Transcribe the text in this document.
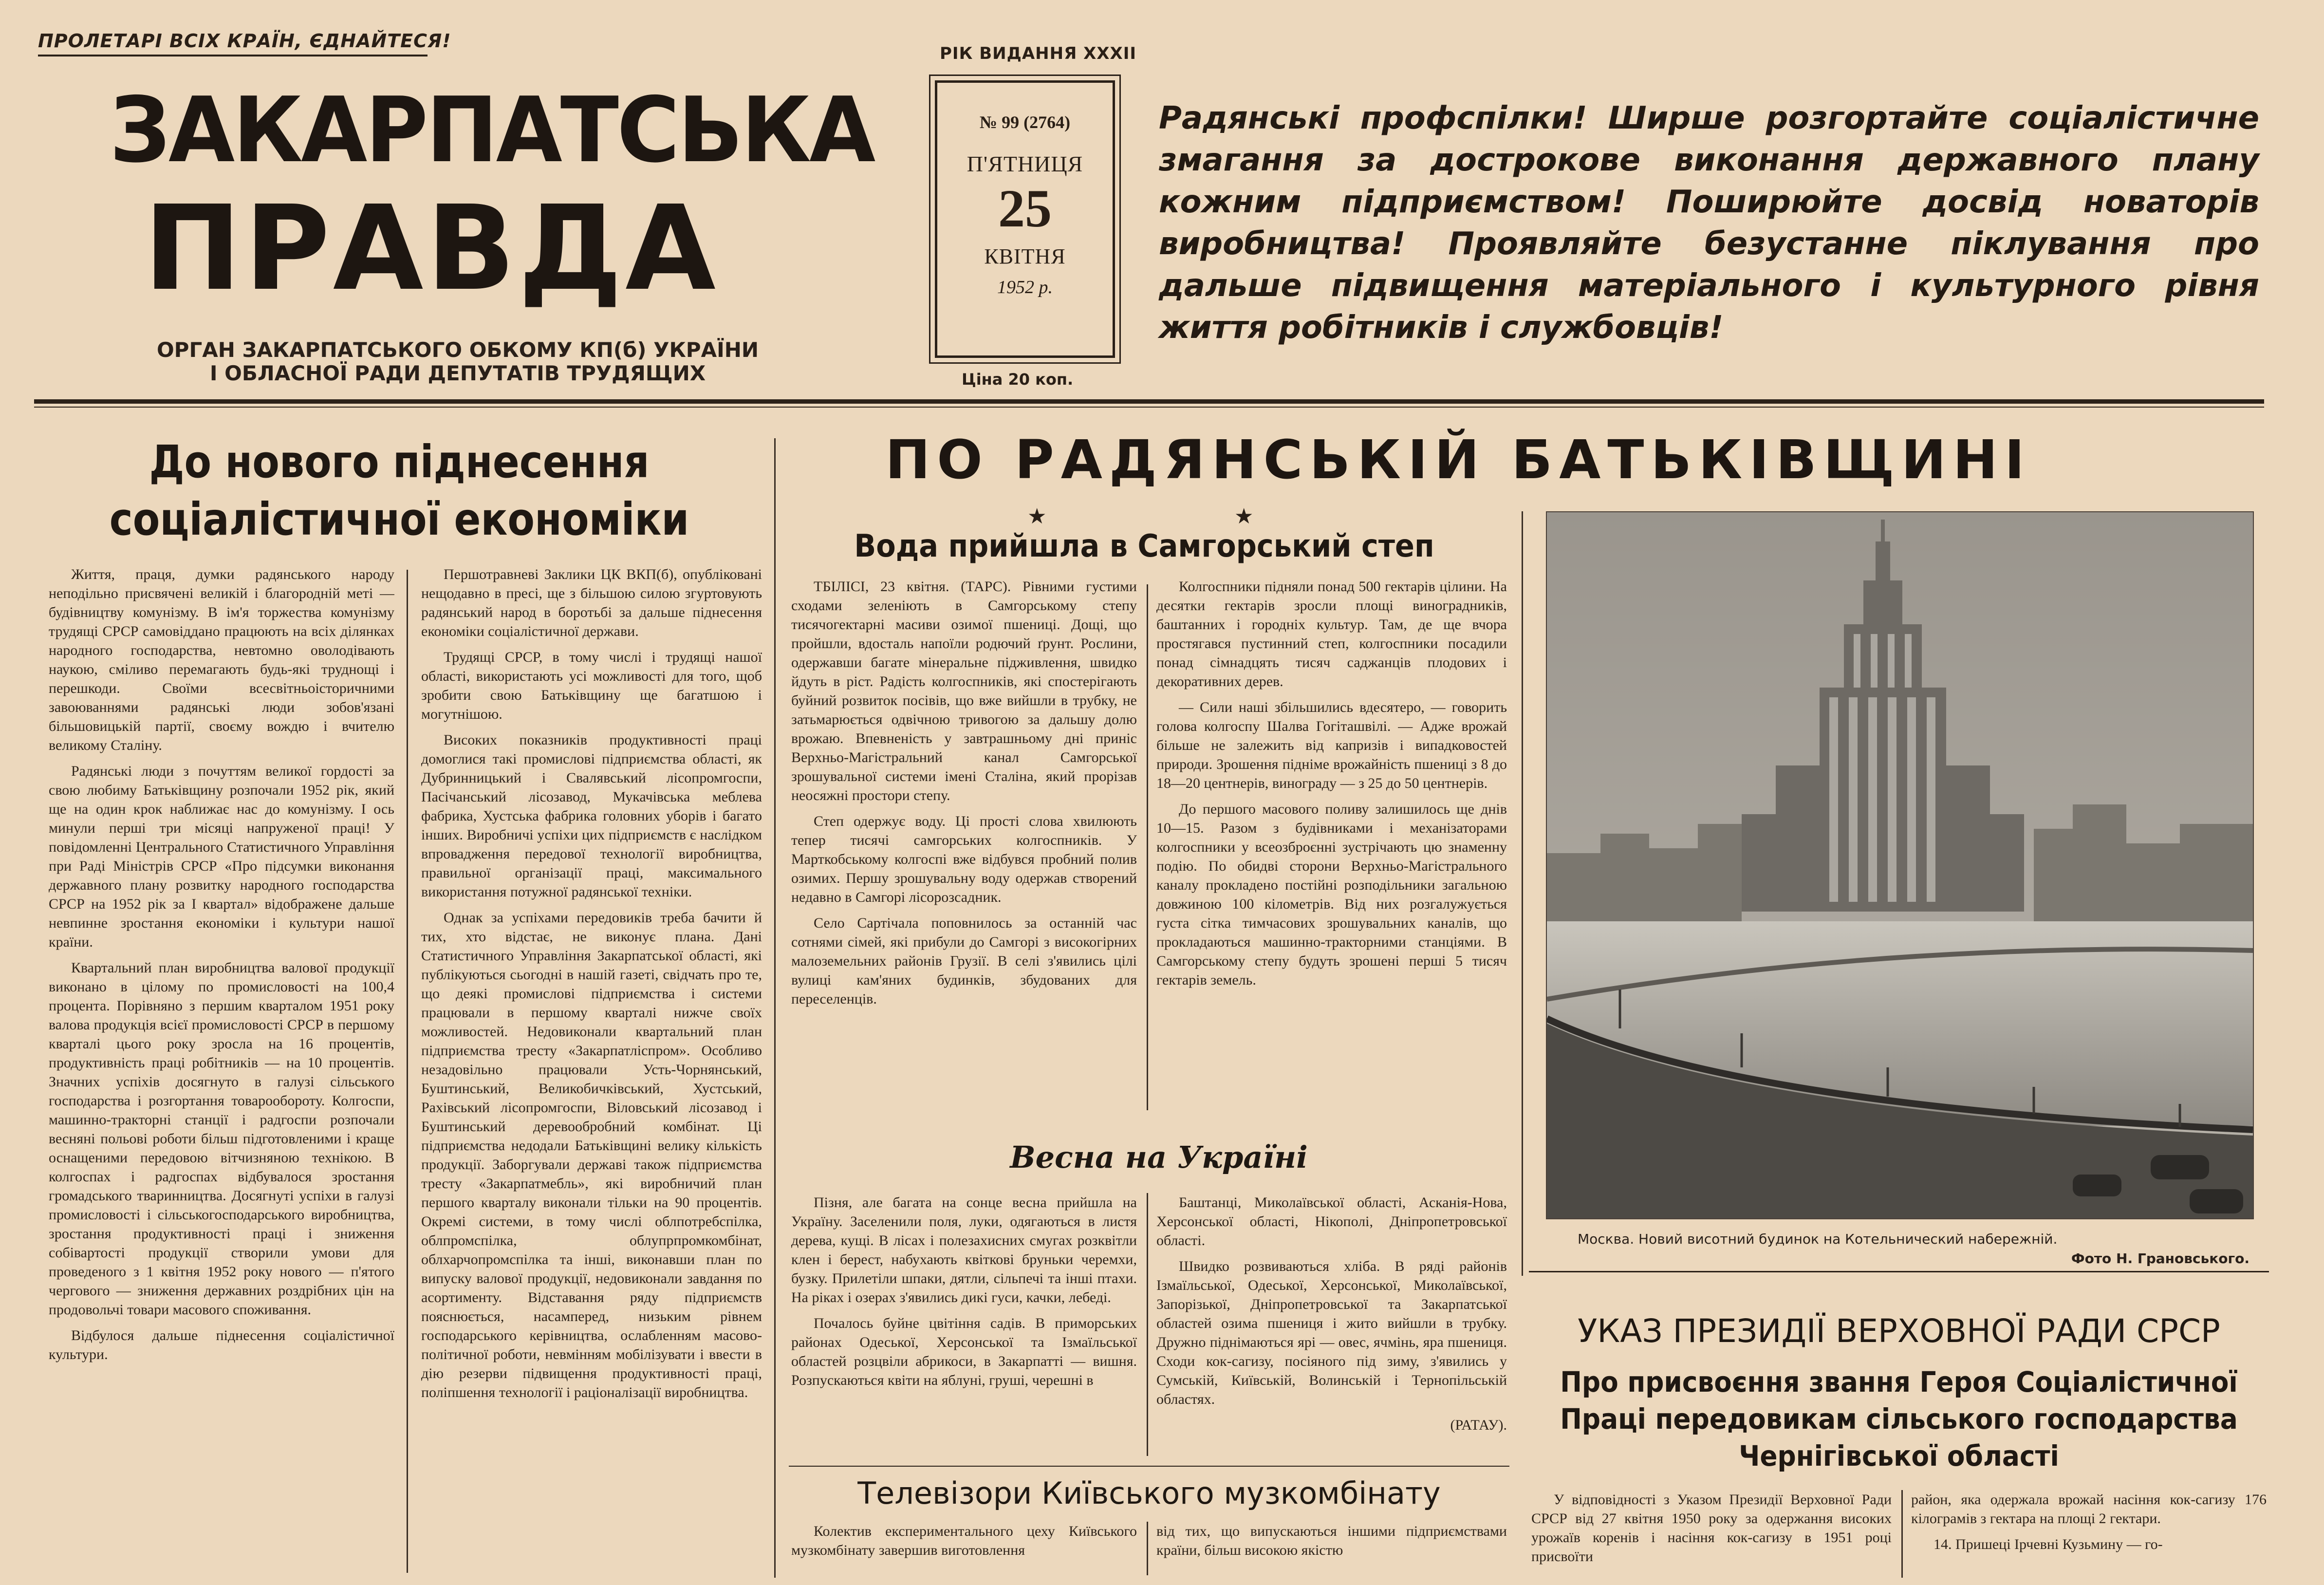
ПРОЛЕТАРІ ВСІХ КРАЇН, ЄДНАЙТЕСЯ!
ЗАКАРПАТСЬКА
ПРАВДА
ОРГАН ЗАКАРПАТСЬКОГО ОБКОМУ КП(б) УКРАЇНИ
І ОБЛАСНОЇ РАДИ ДЕПУТАТІВ ТРУДЯЩИХ
РІК ВИДАННЯ XXXII
№ 99 (2764)
П'ЯТНИЦЯ
25
КВІТНЯ
1952 р.
Ціна 20 коп.
Радянські профспілки! Ширше розгортайте соціалістичне змагання за дострокове виконання державного плану кожним підприємством! Поширюйте досвід новаторів виробництва! Проявляйте безустанне піклування про дальше підвищення матеріального і культурного рівня життя робітників і службовців!
До нового піднесення
соціалістичної економіки

Життя, праця, думки радянського народу неподільно присвячені великій і благородній меті — будівництву комунізму. В ім'я торжества комунізму трудящі СРСР самовіддано працюють на всіх ділянках народного господарства, невтомно оволодівають наукою, сміливо перемагають будь-які труднощі і перешкоди. Своїми всесвітньоісторичними завоюваннями радянські люди зобов'язані більшовицькій партії, своєму вождю і вчителю великому Сталіну.

Радянські люди з почуттям великої гордості за свою любиму Батьківщину розпочали 1952 рік, який ще на один крок наближає нас до комунізму. І ось минули перші три місяці напруженої праці! У повідомленні Центрального Статистичного Управління при Раді Міністрів СРСР «Про підсумки виконання державного плану розвитку народного господарства СРСР на 1952 рік за І квартал» відображене дальше невпинне зростання економіки і культури нашої країни.

Квартальний план виробництва валової продукції виконано в цілому по промисловості на 100,4 процента. Порівняно з першим кварталом 1951 року валова продукція всієї промисловості СРСР в першому кварталі цього року зросла на 16 процентів, продуктивність праці робітників — на 10 процентів. Значних успіхів досягнуто в галузі сільського господарства і розгортання товарообороту. Колгоспи, машинно-тракторні станції і радгоспи розпочали весняні польові роботи більш підготовленими і краще оснащеними передовою вітчизняною технікою. В колгоспах і радгоспах відбувалося зростання громадського тваринництва. Досягнуті успіхи в галузі промисловості і сільськогосподарського виробництва, зростання продуктивності праці і зниження собівартості продукції створили умови для проведеного з 1 квітня 1952 року нового — п'ятого чергового — зниження державних роздрібних цін на продовольчі товари масового споживання.

Відбулося дальше піднесення соціалістичної культури.

Першотравневі Заклики ЦК ВКП(б), опубліковані нещодавно в пресі, ще з більшою силою згуртовують радянський народ в боротьбі за дальше піднесення економіки соціалістичної держави.

Трудящі СРСР, в тому числі і трудящі нашої області, використають усі можливості для того, щоб зробити свою Батьківщину ще багатшою і могутнішою.

Високих показників продуктивності праці домоглися такі промислові підприємства області, як Дубринницький і Свалявський лісопромгоспи, Пасічанський лісозавод, Мукачівська меблева фабрика, Хустська фабрика головних уборів і багато інших. Виробничі успіхи цих підприємств є наслідком впровадження передової технології виробництва, правильної організації праці, максимального використання потужної радянської техніки.

Однак за успіхами передовиків треба бачити й тих, хто відстає, не виконує плана. Дані Статистичного Управління Закарпатської області, які публікуються сьогодні в нашій газеті, свідчать про те, що деякі промислові підприємства і системи працювали в першому кварталі нижче своїх можливостей. Недовиконали квартальний план підприємства тресту «Закарпатліспром». Особливо незадовільно працювали Усть-Чорнянський, Буштинський, Великобичківський, Хустський, Рахівський лісопромгоспи, Віловський лісозавод і Буштинський деревообробний комбінат. Ці підприємства недодали Батьківщині велику кількість продукції. Заборгували державі також підприємства тресту «Закарпатмебль», які виробничий план першого кварталу виконали тільки на 90 процентів. Окремі системи, в тому числі облпотребспілка, облпромспілка, облупрпромкомбінат, облхарчопромспілка та інші, виконавши план по випуску валової продукції, недовиконали завдання по асортименту. Відставання ряду підприємств пояснюється, насамперед, низьким рівнем господарського керівництва, ослабленням масово-політичної роботи, невмінням мобілізувати і ввести в дію резерви підвищення продуктивності праці, поліпшення технології і раціоналізації виробництва.

ПО РАДЯНСЬКІЙ БАТЬКІВЩИНІ
★	★
Вода прийшла в Самгорський степ

ТБІЛІСІ, 23 квітня. (ТАРС). Рівними густими сходами зеленіють в Самгорському степу тисячогектарні масиви озимої пшениці. Дощі, що пройшли, вдосталь напоїли родючий ґрунт. Рослини, одержавши багате мінеральне підживлення, швидко йдуть в ріст. Радість колгоспників, які спостерігають буйний розвиток посівів, що вже вийшли в трубку, не затьмарюється одвічною тривогою за дальшу долю врожаю. Впевненість у завтрашньому дні приніс Верхньо-Магістральний канал Самгорської зрошувальної системи імені Сталіна, який прорізав неосяжні простори степу.

Степ одержує воду. Ці прості слова хвилюють тепер тисячі самгорських колгоспників. У Марткобському колгоспі вже відбувся пробний полив озимих. Першу зрошувальну воду одержав створений недавно в Самгорі лісорозсадник.

Село Сартічала поповнилось за останній час сотнями сімей, які прибули до Самгорі з високогірних малоземельних районів Грузії. В селі з'явились цілі вулиці кам'яних будинків, збудованих для переселенців.

Колгоспники підняли понад 500 гектарів цілини. На десятки гектарів зросли площі виноградників, баштанних і городніх культур. Там, де ще вчора простягався пустинний степ, колгоспники посадили понад сімнадцять тисяч саджанців плодових і декоративних дерев.

— Сили наші збільшились вдесятеро, — говорить голова колгоспу Шалва Гогіташвілі. — Адже врожай більше не залежить від капризів і випадковостей природи. Зрошення підніме врожайність пшениці з 8 до 18—20 центнерів, винограду — з 25 до 50 центнерів.

До першого масового поливу залишилось ще днів 10—15. Разом з будівниками і механізаторами колгоспники у всеозброєнні зустрічають цю знаменну подію. По обидві сторони Верхньо-Магістрального каналу прокладено постійні розподільники загальною довжиною 100 кілометрів. Від них розгалужується густа сітка тимчасових зрошувальних каналів, що прокладаються машинно-тракторними станціями. В Самгорському степу будуть зрошені перші 5 тисяч гектарів земель.

Весна на Україні

Пізня, але багата на сонце весна прийшла на Україну. Заселенили поля, луки, одягаються в листя дерева, кущі. В лісах і полезахисних смугах розквітли клен і берест, набухають квіткові бруньки черемхи, бузку. Прилетіли шпаки, дятли, сільпечі та інші птахи. На ріках і озерах з'явились дикі гуси, качки, лебеді.

Почалось буйне цвітіння садів. В приморських районах Одеської, Херсонської та Ізмаїльської областей розцвіли абрикоси, в Закарпатті — вишня. Розпускаються квіти на яблуні, груші, черешні в

Баштанці, Миколаївської області, Асканія-Нова, Херсонської області, Нікополі, Дніпропетровської області.

Швидко розвиваються хліба. В ряді районів Ізмаїльської, Одеської, Херсонської, Миколаївської, Запорізької, Дніпропетровської та Закарпатської областей озима пшениця і жито вийшли в трубку. Дружно піднімаються ярі — овес, ячмінь, яра пшениця. Сходи кок-сагизу, посіяного під зиму, з'явились у Сумській, Київській, Волинській і Тернопільській областях.

(РАТАУ).

Телевізори Київського музкомбінату

Колектив експериментального цеху Київського музкомбінату завершив виготовлення

від тих, що випускаються іншими підприємствами країни, більш високою якістю

Москва. Новий висотний будинок на Котельнический набережній.
Фото Н. Грановського.
УКАЗ ПРЕЗИДІЇ ВЕРХОВНОЇ РАДИ СРСР
Про присвоєння звання Героя Соціалістичної Праці передовикам сільського господарства Чернігівської області

У відповідності з Указом Президії Верховної Ради СРСР від 27 квітня 1950 року за одержання високих урожаїв коренів і насіння кок-сагизу в 1951 році присвоїти

район, яка одержала врожай насіння кок-сагизу 176 кілограмів з гектара на площі 2 гектари.

14. Пришеці Ірчевні Кузьмину — го-
